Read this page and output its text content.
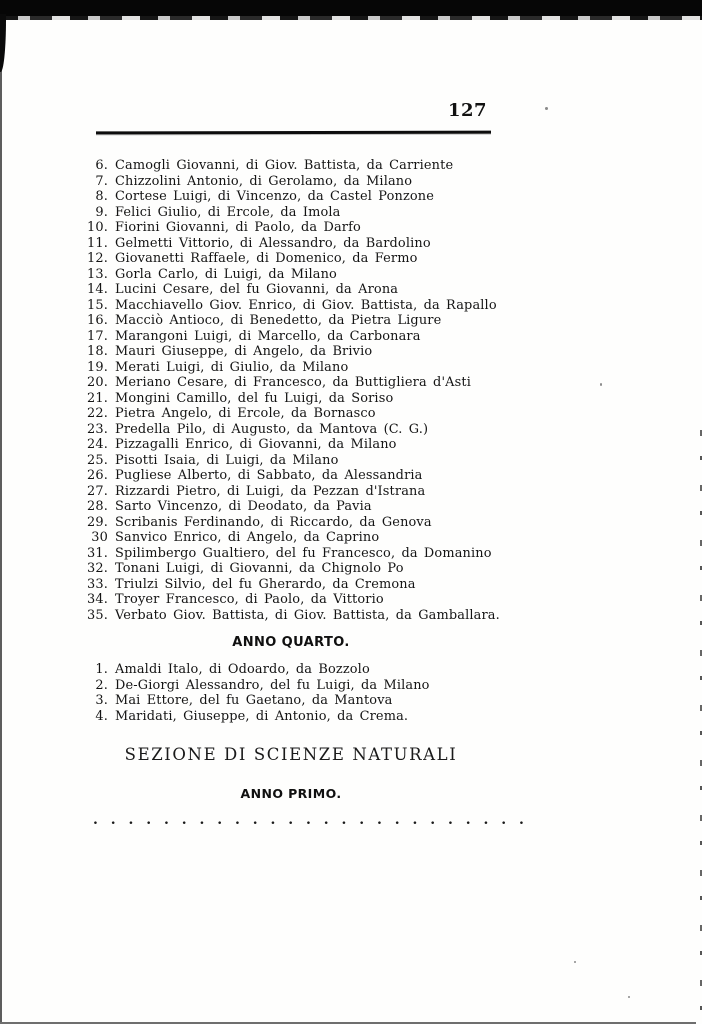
127
6. Camogli Giovanni, di Giov. Battista, da Carriente
7. Chizzolini Antonio, di Gerolamo, da Milano
8. Cortese Luigi, di Vincenzo, da Castel Ponzone
9. Felici Giulio, di Ercole, da Imola
10. Fiorini Giovanni, di Paolo, da Darfo
11. Gelmetti Vittorio, di Alessandro, da Bardolino
12. Giovanetti Raffaele, di Domenico, da Fermo
13. Gorla Carlo, di Luigi, da Milano
14. Lucini Cesare, del fu Giovanni, da Arona
15. Macchiavello Giov. Enrico, di Giov. Battista, da Rapallo
16. Macciò Antioco, di Benedetto, da Pietra Ligure
17. Marangoni Luigi, di Marcello, da Carbonara
18. Mauri Giuseppe, di Angelo, da Brivio
19. Merati Luigi, di Giulio, da Milano
20. Meriano Cesare, di Francesco, da Buttigliera d'Asti
21. Mongini Camillo, del fu Luigi, da Soriso
22. Pietra Angelo, di Ercole, da Bornasco
23. Predella Pilo, di Augusto, da Mantova (C. G.)
24. Pizzagalli Enrico, di Giovanni, da Milano
25. Pisotti Isaia, di Luigi, da Milano
26. Pugliese Alberto, di Sabbato, da Alessandria
27. Rizzardi Pietro, di Luigi, da Pezzan d'Istrana
28. Sarto Vincenzo, di Deodato, da Pavia
29. Scribanis Ferdinando, di Riccardo, da Genova
30 Sanvico Enrico, di Angelo, da Caprino
31. Spilimbergo Gualtiero, del fu Francesco, da Domanino
32. Tonani Luigi, di Giovanni, da Chignolo Po
33. Triulzi Silvio, del fu Gherardo, da Cremona
34. Troyer Francesco, di Paolo, da Vittorio
35. Verbato Giov. Battista, di Giov. Battista, da Gamballara.
ANNO QUARTO.
1. Amaldi Italo, di Odoardo, da Bozzolo
2. De-Giorgi Alessandro, del fu Luigi, da Milano
3. Mai Ettore, del fu Gaetano, da Mantova
4. Maridati, Giuseppe, di Antonio, da Crema.
SEZIONE DI SCIENZE NATURALI
ANNO PRIMO.
. . . . . . . . . . . . . . . . . . . . . . . . .
